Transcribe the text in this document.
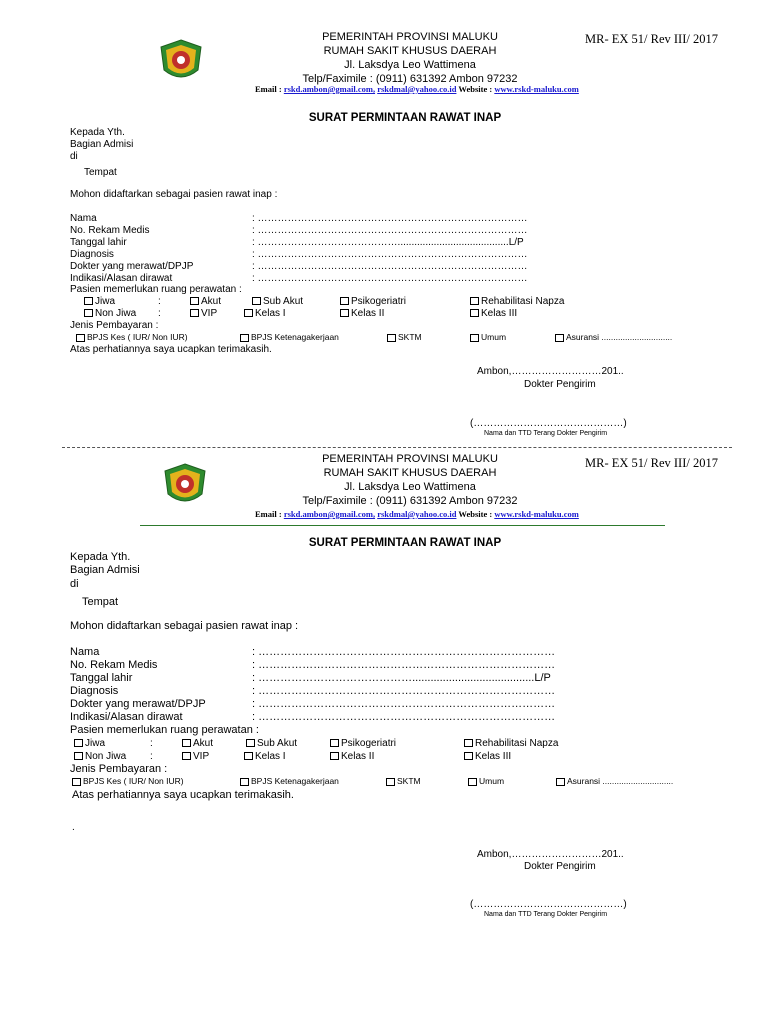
PEMERINTAH PROVINSI MALUKU
RUMAH SAKIT KHUSUS DAERAH
Jl. Laksdya Leo Wattimena
Telp/Faximile : (0911) 631392 Ambon 97232
MR- EX 51/ Rev III/ 2017
Email : rskd.ambon@gmail.com, rskdmal@yahoo.co.id Website : www.rskd-maluku.com
SURAT PERMINTAAN RAWAT INAP
Kepada Yth.
Bagian Admisi
di
Tempat
Mohon didaftarkan sebagai pasien rawat inap :
Nama	: ………………………………………………………………………
No. Rekam Medis	: ………………………………………………………………………
Tanggal lahir	: ……………………………………........................................L/P
Diagnosis	: ………………………………………………………………………
Dokter yang merawat/DPJP	: ………………………………………………………………………
Indikasi/Alasan dirawat	: ………………………………………………………………………
Pasien memerlukan ruang perawatan :
Jiwa	:	Akut	Sub Akut	Psikogeriatri	Rehabilitasi Napza
Non Jiwa :	VIP	Kelas I	Kelas II	Kelas III
Jenis Pembayaran :
BPJS Kes ( IUR/ Non IUR)	BPJS Ketenagakerjaan	SKTM	Umum	Asuransi ..............................
Atas perhatiannya saya ucapkan terimakasih.
Ambon,………………………201..
Dokter Pengirim
(………………………………………)
Nama dan TTD Terang Dokter Pengirim
PEMERINTAH PROVINSI MALUKU
RUMAH SAKIT KHUSUS DAERAH
Jl. Laksdya Leo Wattimena
Telp/Faximile : (0911) 631392 Ambon 97232
MR- EX 51/ Rev III/ 2017
Email : rskd.ambon@gmail.com, rskdmal@yahoo.co.id Website : www.rskd-maluku.com
SURAT PERMINTAAN RAWAT INAP
Kepada Yth.
Bagian Admisi
di
Tempat
Mohon didaftarkan sebagai pasien rawat inap :
Nama	: ………………………………………………………………………
No. Rekam Medis	: ………………………………………………………………………
Tanggal lahir	: ……………………………………........................................L/P
Diagnosis	: ………………………………………………………………………
Dokter yang merawat/DPJP	: ………………………………………………………………………
Indikasi/Alasan dirawat	: ………………………………………………………………………
Pasien memerlukan ruang perawatan :
Jiwa	:	Akut	Sub Akut	Psikogeriatri	Rehabilitasi Napza
Non Jiwa :	VIP	Kelas I	Kelas II	Kelas III
Jenis Pembayaran :
BPJS Kes ( IUR/ Non IUR)	BPJS Ketenagakerjaan	SKTM	Umum	Asuransi ..............................
Atas perhatiannya saya ucapkan terimakasih.
.
Ambon,………………………201..
Dokter Pengirim
(………………………………………)
Nama dan TTD Terang Dokter Pengirim
